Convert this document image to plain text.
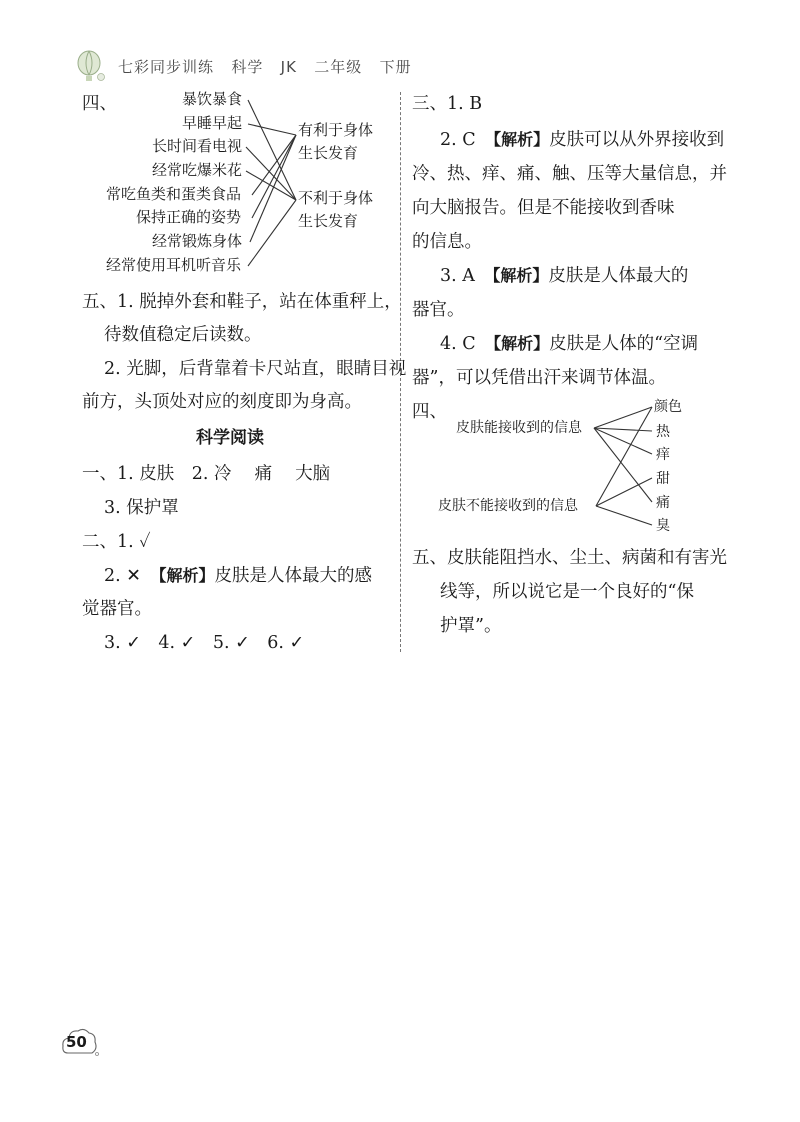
七彩同步训练 科学 JK 二年级 下册
四、	暴饮暴食
早睡早起
长时间看电视
经常吃爆米花
常吃鱼类和蛋类食品
保持正确的姿势
经常锻炼身体
经常使用耳机听音乐
有利于身体
生长发育
不利于身体
生长发育
五、1. 脱掉外套和鞋子，站在体重秤上，
待数值稳定后读数。
2. 光脚，后背靠着卡尺站直，眼睛目视
前方，头顶处对应的刻度即为身高。
科学阅读
一、1. 皮肤　2. 冷　 痛　 大脑
3. 保护罩
二、1. ✓
2. ✕　【解析】皮肤是人体最大的感
觉器官。
3. ✓　4. ✓　5. ✓　6. ✓
三、1. B
2. C　【解析】皮肤可以从外界接收到
冷、热、痒、痛、触、压等大量信息，并
向大脑报告。但是不能接收到香味
的信息。
3. A　【解析】皮肤是人体最大的
器官。
4. C　【解析】皮肤是人体的“空调
器”，可以凭借出汗来调节体温。
四、
皮肤能接收到的信息
皮肤不能接收到的信息
颜色
热
痒
甜
痛
臭
五、皮肤能阻挡水、尘土、病菌和有害光
线等，所以说它是一个良好的“保
护罩”。
50
